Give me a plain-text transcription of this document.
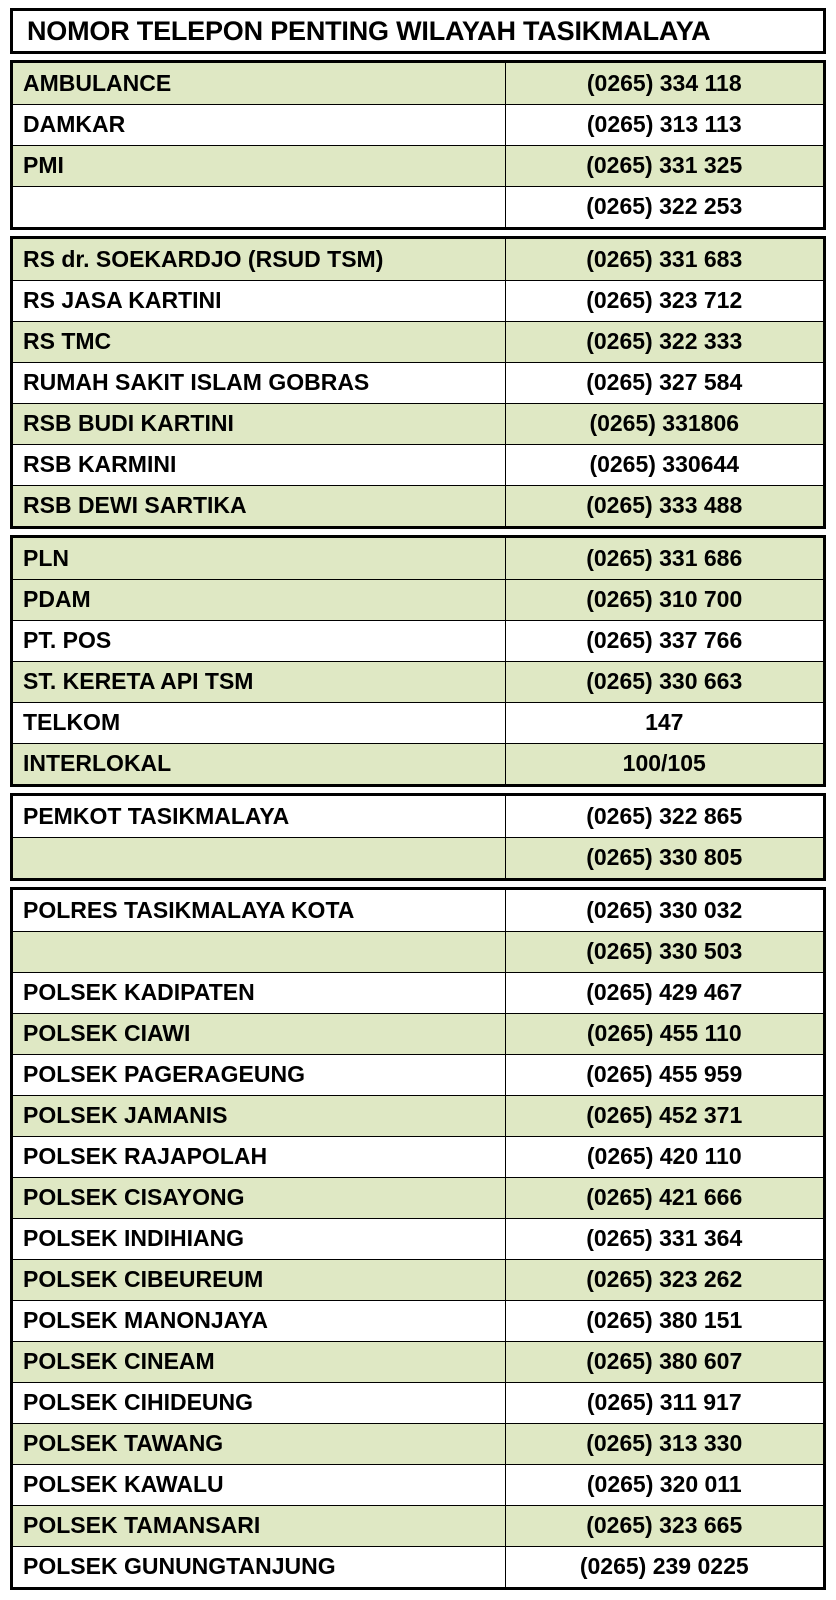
NOMOR TELEPON PENTING WILAYAH TASIKMALAYA
AMBULANCE	(0265) 334 118
DAMKAR	(0265) 313 113
PMI	(0265) 331 325
	(0265) 322 253
RS dr. SOEKARDJO (RSUD TSM)	(0265) 331 683
RS JASA KARTINI	(0265) 323 712
RS TMC	(0265) 322 333
RUMAH SAKIT ISLAM GOBRAS	(0265) 327 584
RSB BUDI KARTINI	(0265) 331806
RSB KARMINI	(0265) 330644
RSB DEWI SARTIKA	(0265) 333 488
PLN	(0265) 331 686
PDAM	(0265) 310 700
PT. POS	(0265) 337 766
ST. KERETA API TSM	(0265) 330 663
TELKOM	147
INTERLOKAL	100/105
PEMKOT TASIKMALAYA	(0265) 322 865
	(0265) 330 805
POLRES TASIKMALAYA KOTA	(0265) 330 032
	(0265) 330 503
POLSEK KADIPATEN	(0265) 429 467
POLSEK CIAWI	(0265) 455 110
POLSEK PAGERAGEUNG	(0265) 455 959
POLSEK JAMANIS	(0265) 452 371
POLSEK RAJAPOLAH	(0265) 420 110
POLSEK CISAYONG	(0265) 421 666
POLSEK INDIHIANG	(0265) 331 364
POLSEK CIBEUREUM	(0265) 323 262
POLSEK MANONJAYA	(0265) 380 151
POLSEK CINEAM	(0265) 380 607
POLSEK CIHIDEUNG	(0265) 311 917
POLSEK TAWANG	(0265) 313 330
POLSEK KAWALU	(0265) 320 011
POLSEK TAMANSARI	(0265) 323 665
POLSEK GUNUNGTANJUNG	(0265) 239 0225
